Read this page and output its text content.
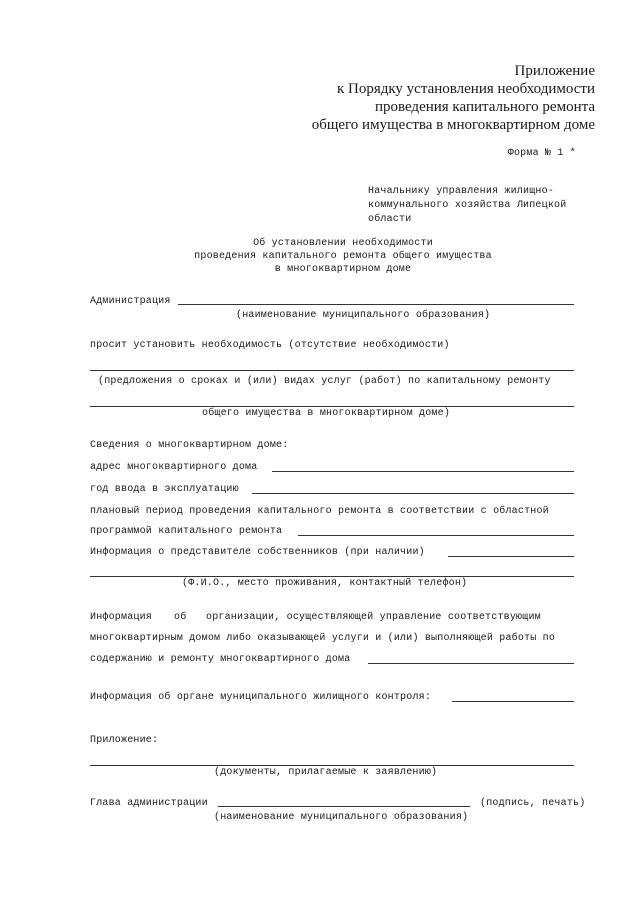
Приложение
к Порядку установления необходимости
проведения капитального ремонта
общего имущества в многоквартирном доме
Форма № 1 *
Начальнику управления жилищно-
коммунального хозяйства Липецкой
области
Об установлении необходимости
проведения капитального ремонта общего имущества
в многоквартирном доме
Администрация
(наименование муниципального образования)
просит установить необходимость (отсутствие необходимости)
(предложения о сроках и (или) видах услуг (работ) по капитальному ремонту
общего имущества в многоквартирном доме)
Сведения о многоквартирном доме:
адрес многоквартирного дома
год ввода в эксплуатацию
плановый период проведения капитального ремонта в соответствии с областной
программой капитального ремонта
Информация о представителе собственников (при наличии)
(Ф.И.О., место проживания, контактный телефон)
Информация об организации, осуществляющей управление соответствующим
многоквартирным домом либо оказывающей услуги и (или) выполняющей работы по
содержанию и ремонту многоквартирного дома
Информация об органе муниципального жилищного контроля:
Приложение:
(документы, прилагаемые к заявлению)
Глава администрации	(подпись, печать)
(наименование муниципального образования)
